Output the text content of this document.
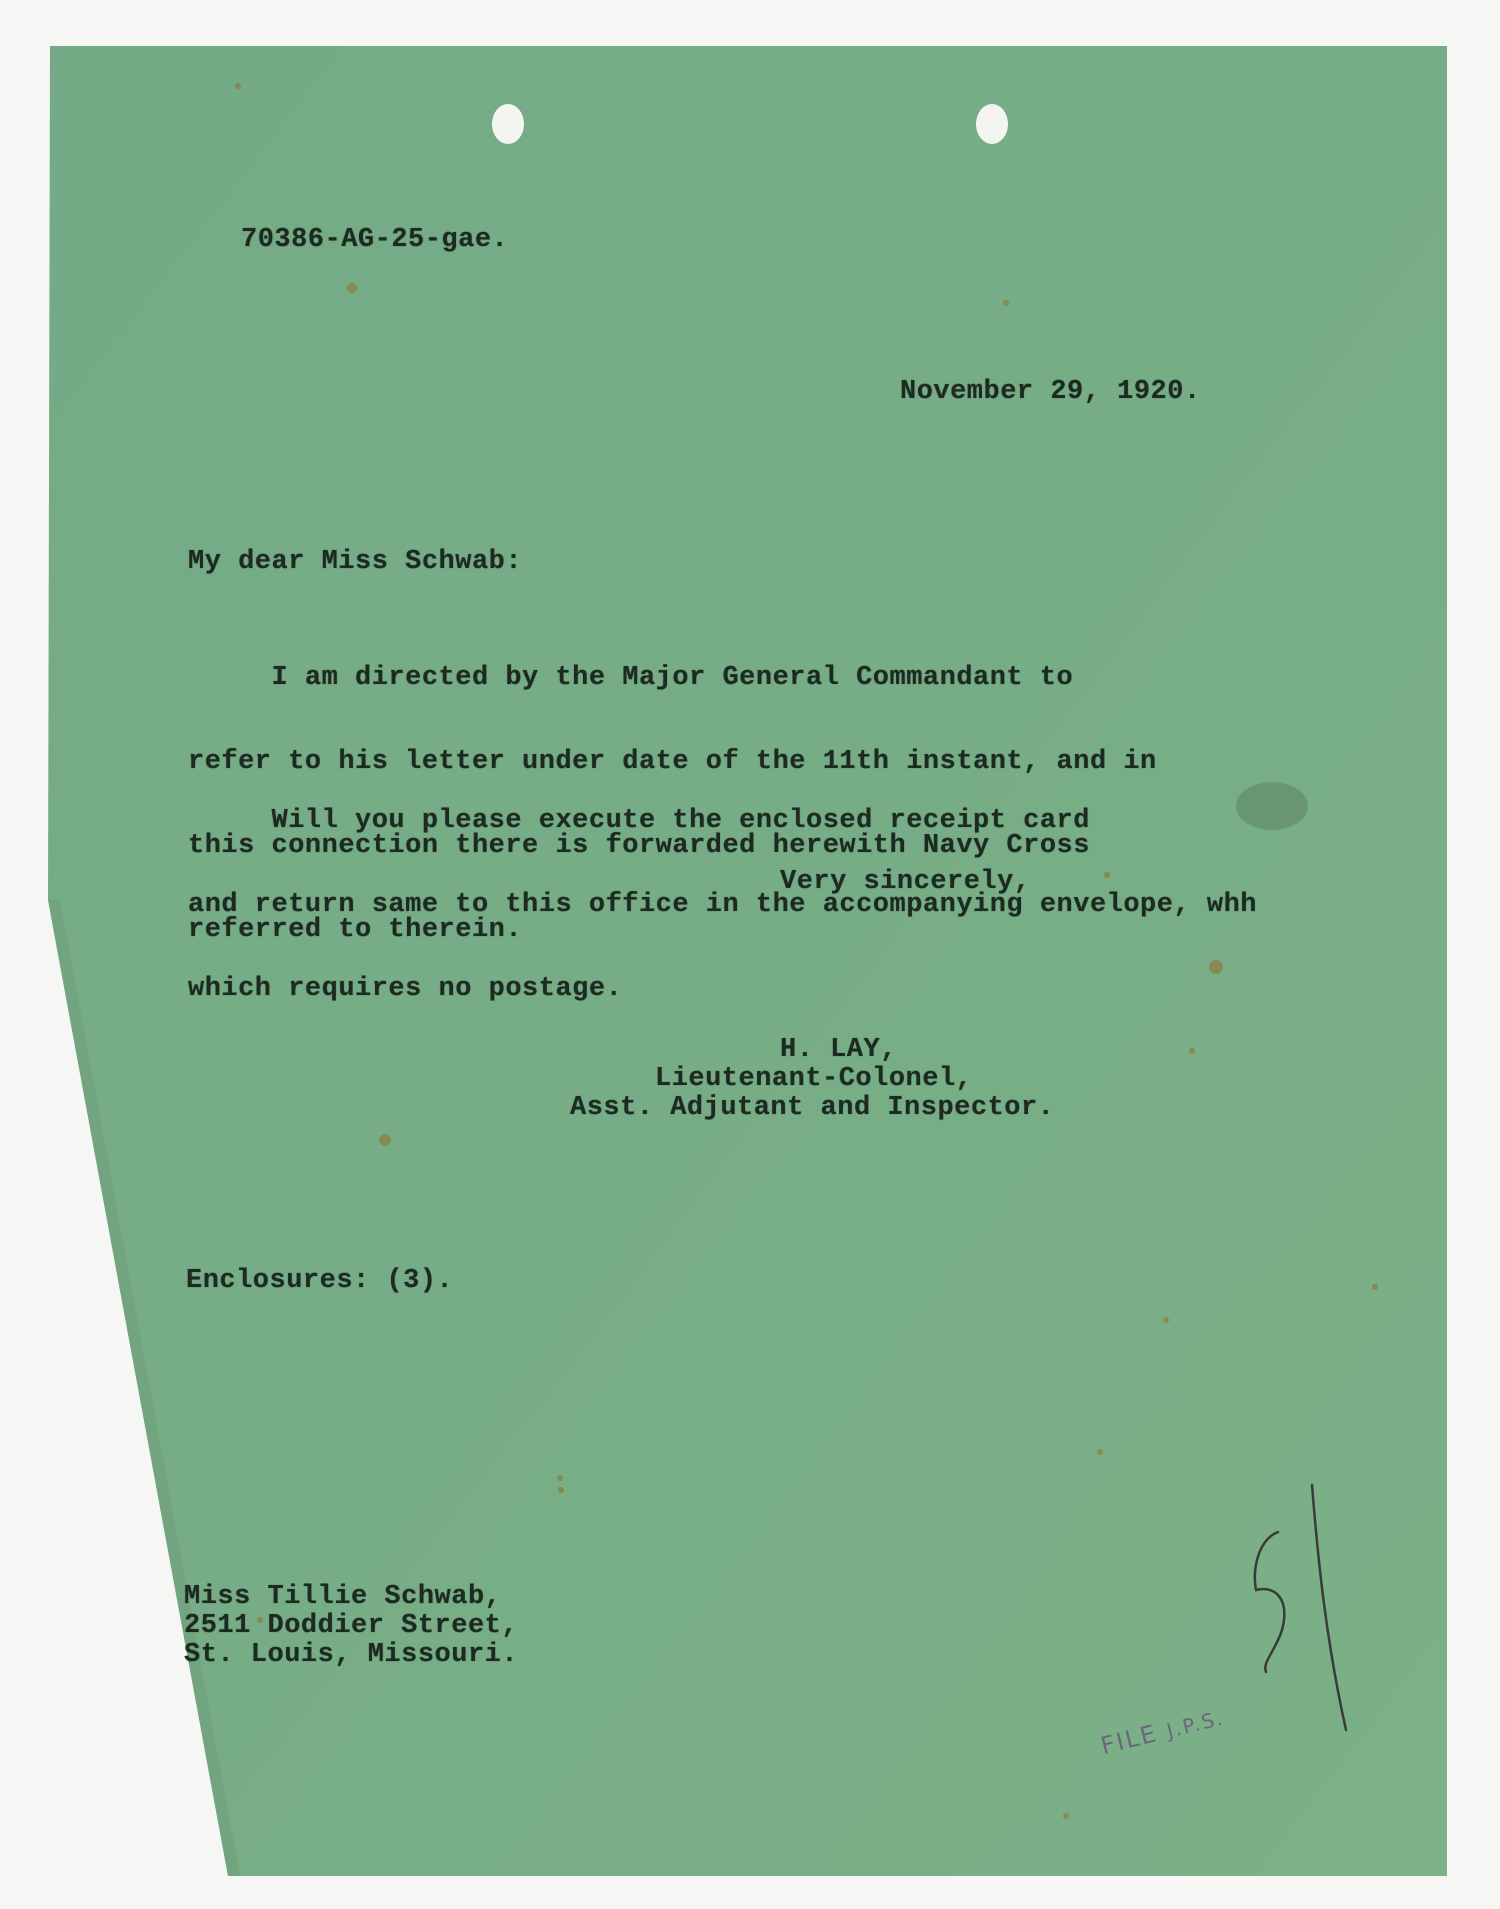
70386-AG-25-gae.
November 29, 1920.
My dear Miss Schwab:

I am directed by the Major General Commandant to

refer to his letter under date of the 11th instant, and in

this connection there is forwarded herewith Navy Cross

referred to therein.

Will you please execute the enclosed receipt card

and return same to this office in the accompanying envelope, whh

which requires no postage.

Very sincerely,
H. LAY,
Lieutenant-Colonel,
Asst. Adjutant and Inspector.
Enclosures: (3).
Miss Tillie Schwab,
2511 Doddier Street,
St. Louis, Missouri.
FILE J.P.S.
